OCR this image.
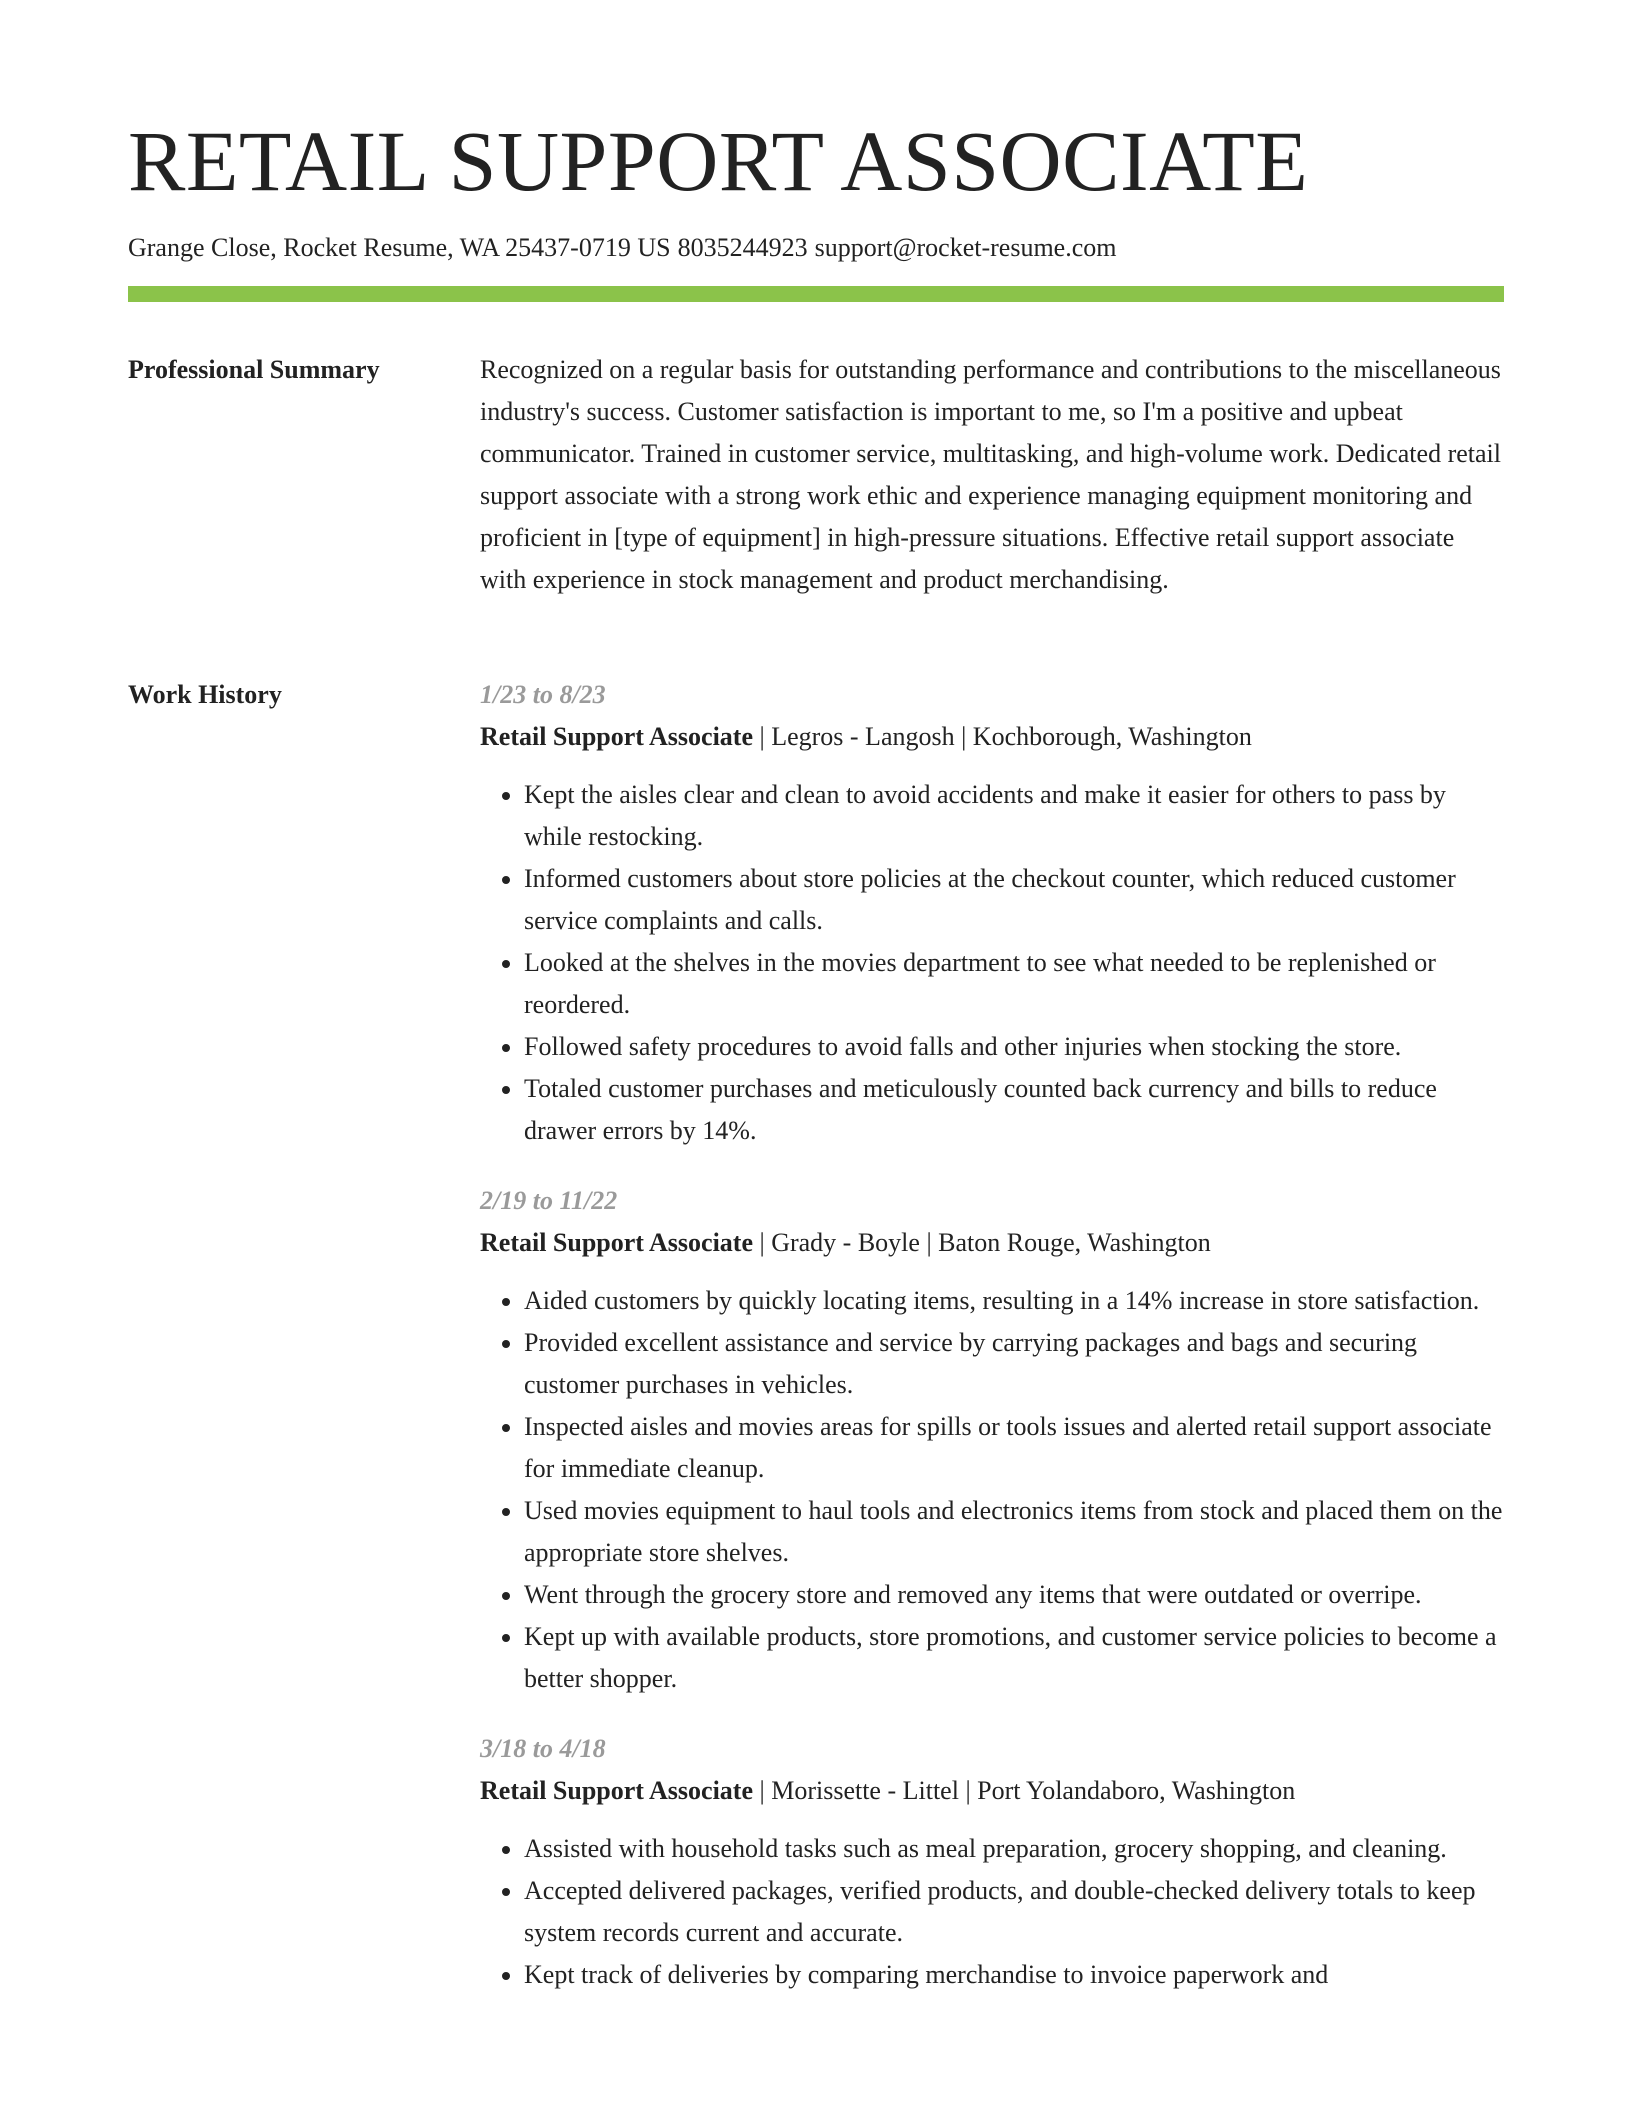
RETAIL SUPPORT ASSOCIATE
Grange Close, Rocket Resume, WA 25437-0719 US 8035244923 support@rocket-resume.com
Professional Summary	Recognized on a regular basis for outstanding performance and contributions to the miscellaneous industry's success. Customer satisfaction is important to me, so I'm a positive and upbeat communicator. Trained in customer service, multitasking, and high-volume work. Dedicated retail support associate with a strong work ethic and experience managing equipment monitoring and proficient in [type of equipment] in high-pressure situations. Effective retail support associate with experience in stock management and product merchandising.

Work History	1/23 to 8/23
Retail Support Associate | Legros - Langosh | Kochborough, Washington
• Kept the aisles clear and clean to avoid accidents and make it easier for others to pass by while restocking.
• Informed customers about store policies at the checkout counter, which reduced customer service complaints and calls.
• Looked at the shelves in the movies department to see what needed to be replenished or reordered.
• Followed safety procedures to avoid falls and other injuries when stocking the store.
• Totaled customer purchases and meticulously counted back currency and bills to reduce drawer errors by 14%.
2/19 to 11/22
Retail Support Associate | Grady - Boyle | Baton Rouge, Washington
• Aided customers by quickly locating items, resulting in a 14% increase in store satisfaction.
• Provided excellent assistance and service by carrying packages and bags and securing customer purchases in vehicles.
• Inspected aisles and movies areas for spills or tools issues and alerted retail support associate for immediate cleanup.
• Used movies equipment to haul tools and electronics items from stock and placed them on the appropriate store shelves.
• Went through the grocery store and removed any items that were outdated or overripe.
• Kept up with available products, store promotions, and customer service policies to become a better shopper.
3/18 to 4/18
Retail Support Associate | Morissette - Littel | Port Yolandaboro, Washington
• Assisted with household tasks such as meal preparation, grocery shopping, and cleaning.
• Accepted delivered packages, verified products, and double-checked delivery totals to keep system records current and accurate.
• Kept track of deliveries by comparing merchandise to invoice paperwork and
